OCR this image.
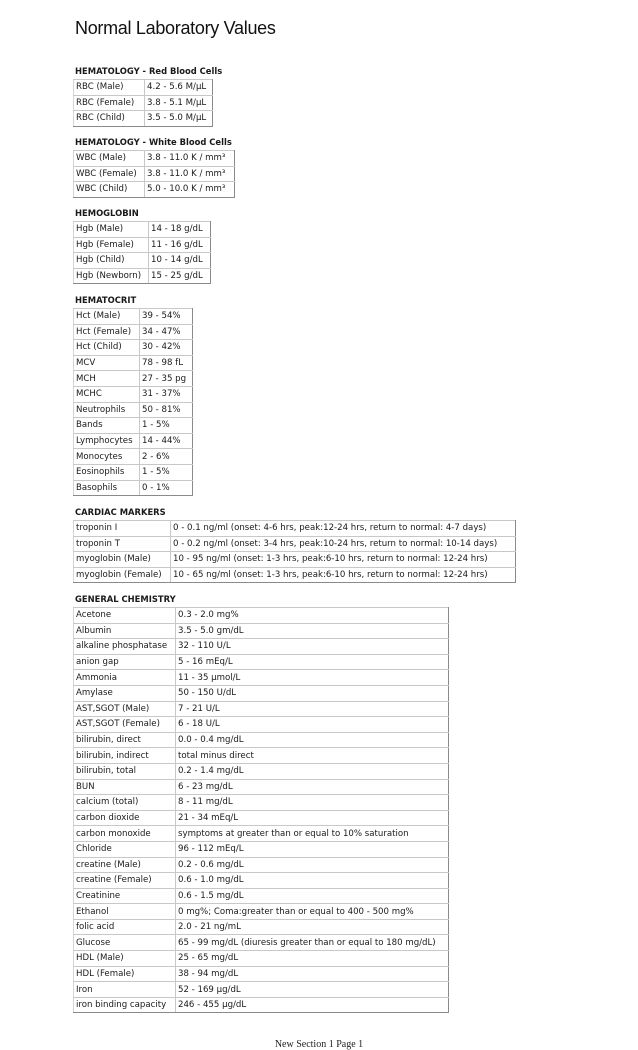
Normal Laboratory Values
HEMATOLOGY - Red Blood Cells
RBC (Male)	4.2 - 5.6 M/µL
RBC (Female)	3.8 - 5.1 M/µL
RBC (Child)	3.5 - 5.0 M/µL
HEMATOLOGY - White Blood Cells
WBC (Male)	3.8 - 11.0 K / mm³
WBC (Female)	3.8 - 11.0 K / mm³
WBC (Child)	5.0 - 10.0 K / mm³
HEMOGLOBIN
Hgb (Male)	14 - 18 g/dL
Hgb (Female)	11 - 16 g/dL
Hgb (Child)	10 - 14 g/dL
Hgb (Newborn)	15 - 25 g/dL
HEMATOCRIT
Hct (Male)	39 - 54%
Hct (Female)	34 - 47%
Hct (Child)	30 - 42%
MCV	78 - 98 fL
MCH	27 - 35 pg
MCHC	31 - 37%
Neutrophils	50 - 81%
Bands	1 - 5%
Lymphocytes	14 - 44%
Monocytes	2 - 6%
Eosinophils	1 - 5%
Basophils	0 - 1%
CARDIAC MARKERS
troponin I	0 - 0.1 ng/ml (onset: 4-6 hrs, peak:12-24 hrs, return to normal: 4-7 days)
troponin T	0 - 0.2 ng/ml (onset: 3-4 hrs, peak:10-24 hrs, return to normal: 10-14 days)
myoglobin (Male)	10 - 95 ng/ml (onset: 1-3 hrs, peak:6-10 hrs, return to normal: 12-24 hrs)
myoglobin (Female)	10 - 65 ng/ml (onset: 1-3 hrs, peak:6-10 hrs, return to normal: 12-24 hrs)
GENERAL CHEMISTRY
Acetone	0.3 - 2.0 mg%
Albumin	3.5 - 5.0 gm/dL
alkaline phosphatase	32 - 110 U/L
anion gap	5 - 16 mEq/L
Ammonia	11 - 35 µmol/L
Amylase	50 - 150 U/dL
AST,SGOT (Male)	7 - 21 U/L
AST,SGOT (Female)	6 - 18 U/L
bilirubin, direct	0.0 - 0.4 mg/dL
bilirubin, indirect	total minus direct
bilirubin, total	0.2 - 1.4 mg/dL
BUN	6 - 23 mg/dL
calcium (total)	8 - 11 mg/dL
carbon dioxide	21 - 34 mEq/L
carbon monoxide	symptoms at greater than or equal to 10% saturation
Chloride	96 - 112 mEq/L
creatine (Male)	0.2 - 0.6 mg/dL
creatine (Female)	0.6 - 1.0 mg/dL
Creatinine	0.6 - 1.5 mg/dL
Ethanol	0 mg%; Coma:greater than or equal to 400 - 500 mg%
folic acid	2.0 - 21 ng/mL
Glucose	65 - 99 mg/dL (diuresis greater than or equal to 180 mg/dL)
HDL (Male)	25 - 65 mg/dL
HDL (Female)	38 - 94 mg/dL
Iron	52 - 169 µg/dL
iron binding capacity	246 - 455 µg/dL
New Section 1 Page 1
